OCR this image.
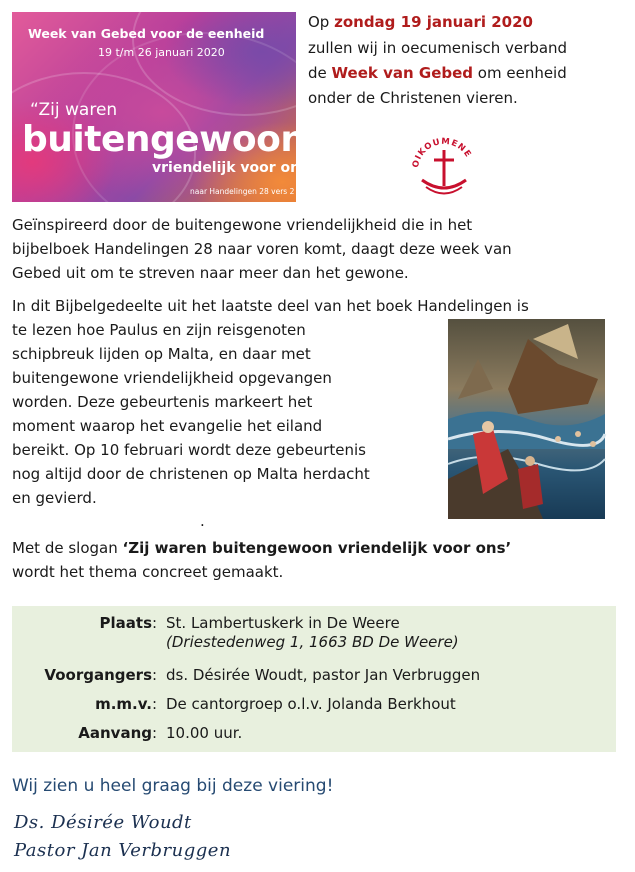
Week van Gebed voor de eenheid
19 t/m 26 januari 2020
“Zij waren
buitengewoon
vriendelijk voor ons”
naar Handelingen 28 vers 2
Op zondag 19 januari 2020
zullen wij in oecumenisch verband
de Week van Gebed om eenheid
onder de Christenen vieren.
OIKOUMENE
Geïnspireerd door de buitengewone vriendelijkheid die in het
bijbelboek Handelingen 28 naar voren komt, daagt deze week van
Gebed uit om te streven naar meer dan het gewone.
In dit Bijbelgedeelte uit het laatste deel van het boek Handelingen is
te lezen hoe Paulus en zijn reisgenoten
schipbreuk lijden op Malta, en daar met
buitengewone vriendelijkheid opgevangen
worden. Deze gebeurtenis markeert het
moment waarop het evangelie het eiland
bereikt. Op 10 februari wordt deze gebeurtenis
nog altijd door de christenen op Malta herdacht
en gevierd.
.
Met de slogan ‘Zij waren buitengewoon vriendelijk voor ons’
wordt het thema concreet gemaakt.
Plaats : St. Lambertuskerk in De Weere
(Driestedenweg 1, 1663 BD De Weere)
Voorgangers : ds. Désirée Woudt, pastor Jan Verbruggen
m.m.v. : De cantorgroep o.l.v. Jolanda Berkhout
Aanvang : 10.00 uur.
Wij zien u heel graag bij deze viering!
Ds. Désirée Woudt
Pastor Jan Verbruggen
